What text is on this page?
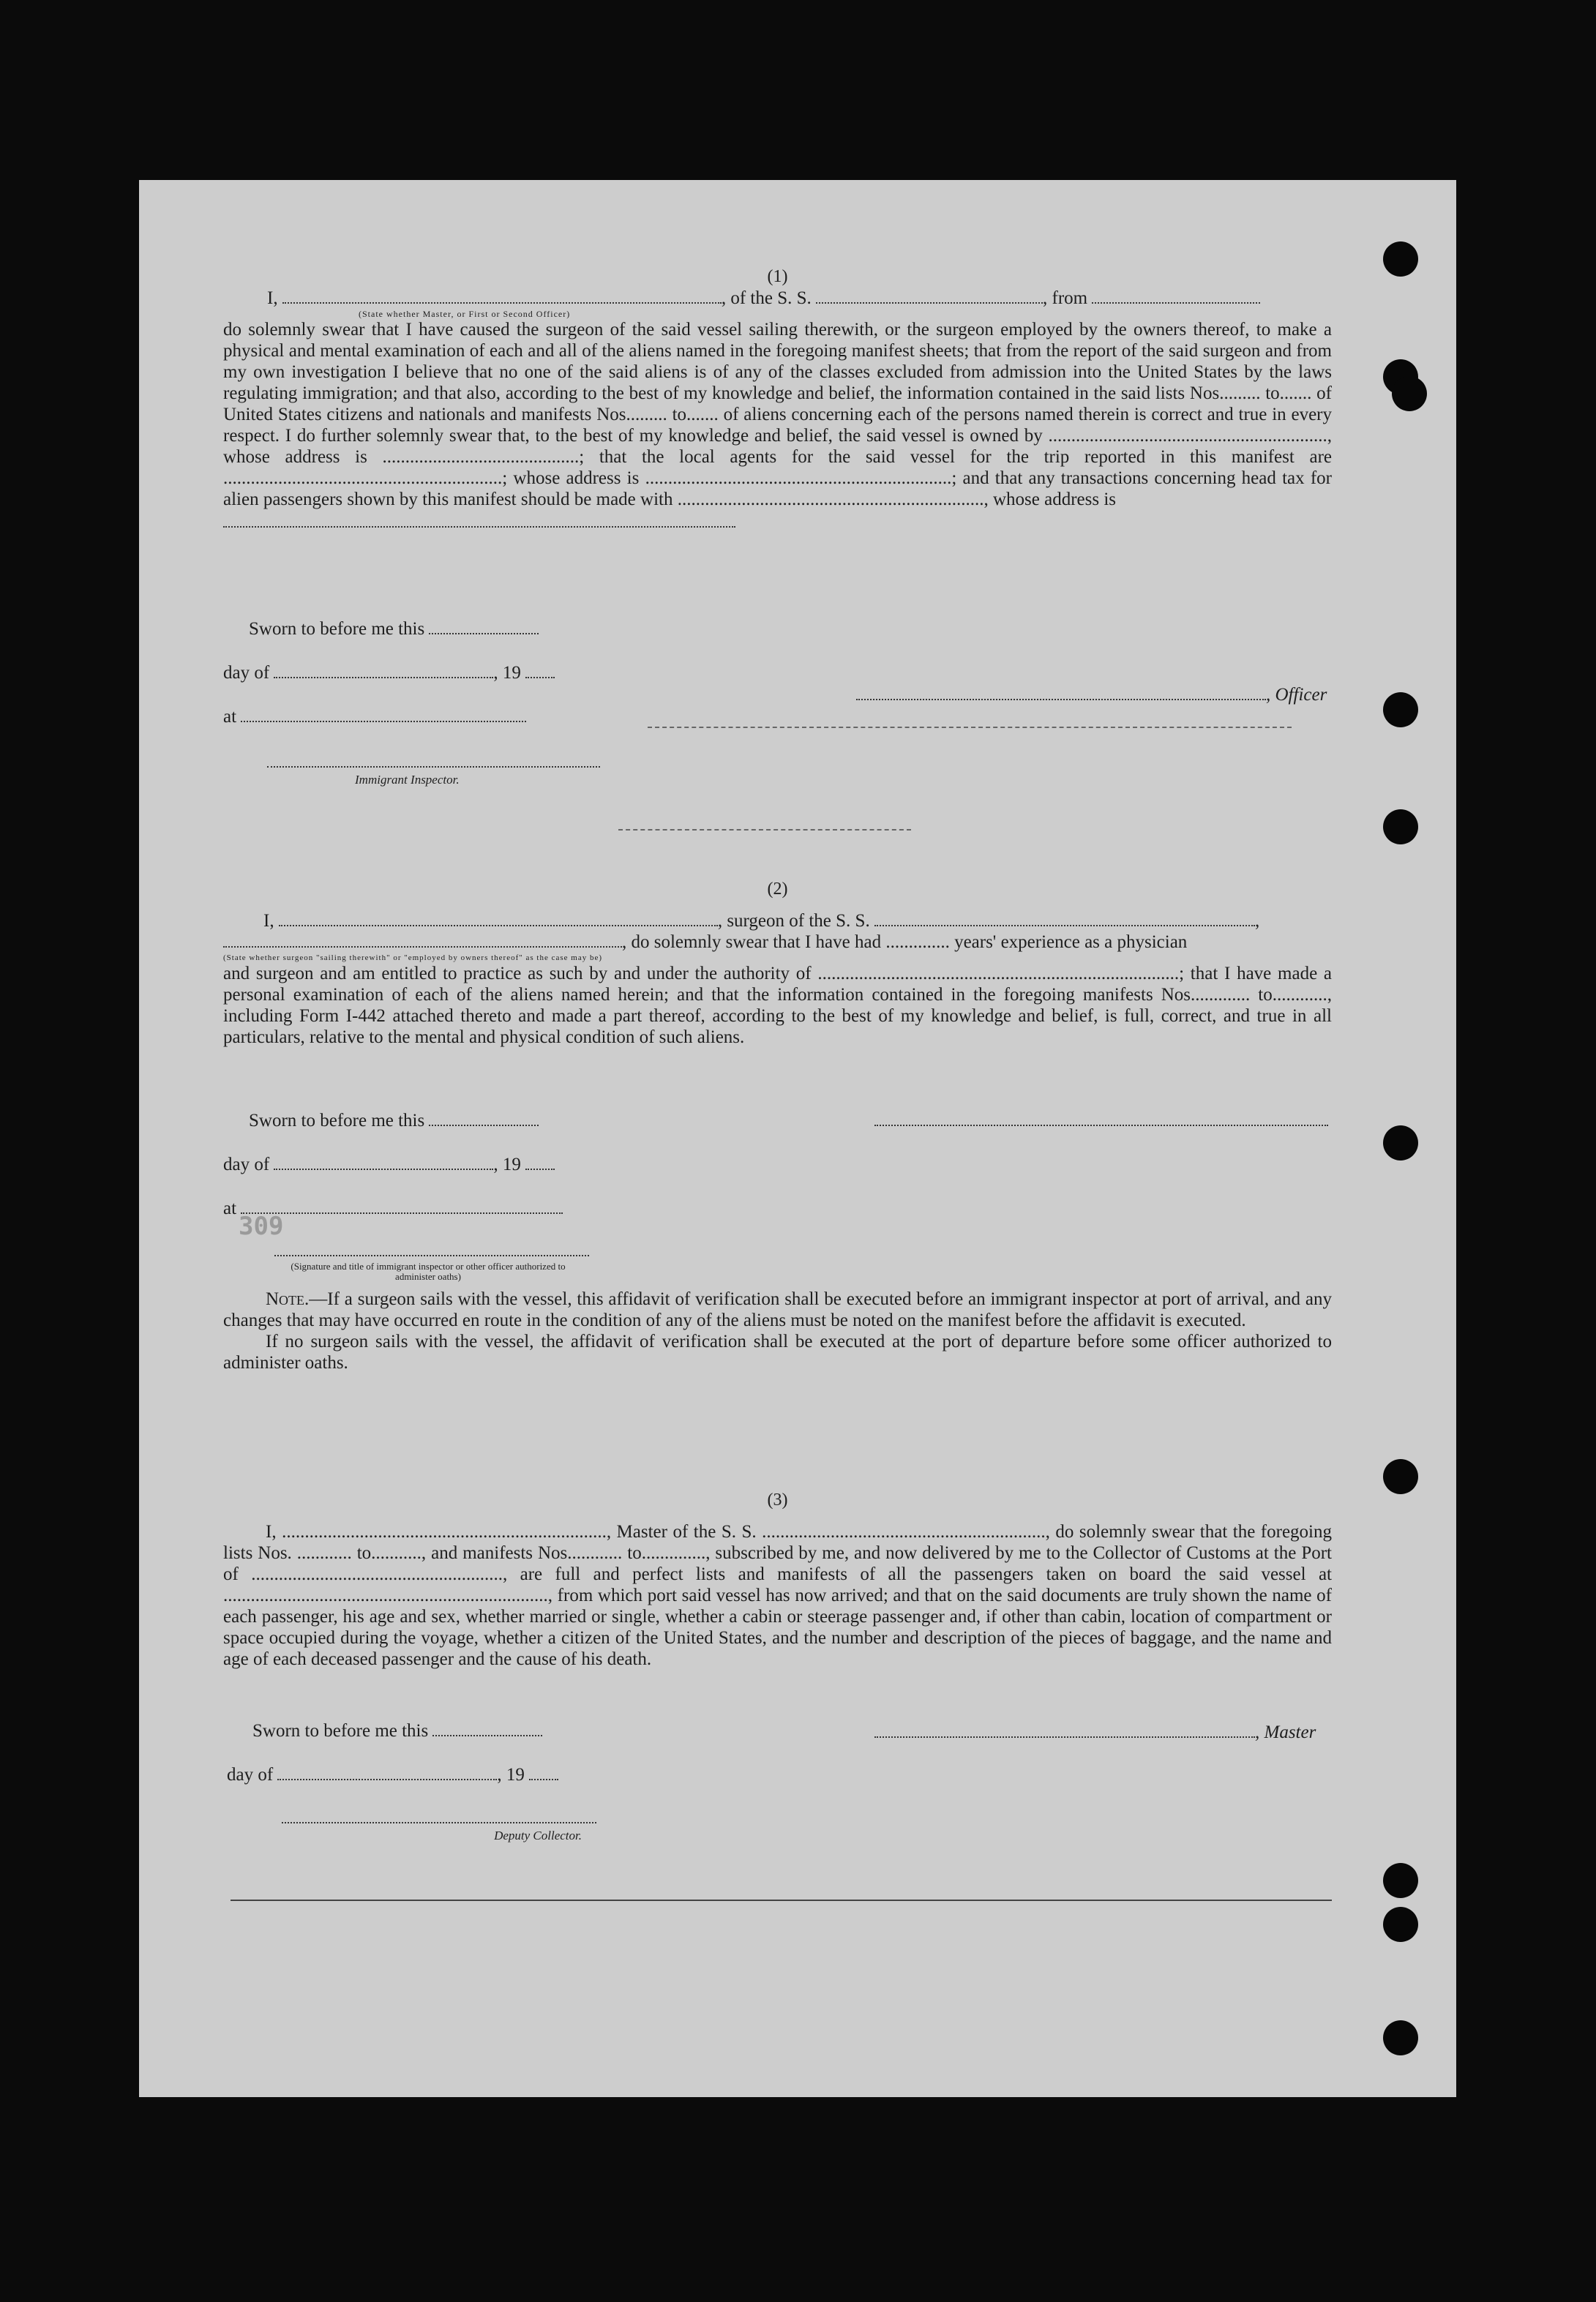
309
(1)
I,	, of the S. S.	, from
(State whether Master, or First or Second Officer)

do solemnly swear that I have caused the surgeon of the said vessel sailing therewith, or the surgeon employed by the owners thereof, to make a physical and mental examination of each and all of the aliens named in the foregoing manifest sheets; that from the report of the said surgeon and from my own investigation I believe that no one of the said aliens is of any of the classes excluded from admission into the United States by the laws regulating immigration; and that also, according to the best of my knowledge and belief, the information contained in the said lists Nos......... to....... of United States citizens and nationals and manifests Nos......... to....... of aliens concerning each of the persons named therein is correct and true in every respect. I do further solemnly swear that, to the best of my knowledge and belief, the said vessel is owned by ............................................................., whose address is ...........................................; that the local agents for the said vessel for the trip reported in this manifest are .............................................................; whose address is ...................................................................; and that any transactions concerning head tax for alien passengers shown by this manifest should be made with ..................................................................., whose address is

Sworn to before me this
day of	, 19
at
, Officer
Immigrant Inspector.
(2)
I,	, surgeon of the S. S.	,
, do solemnly swear that I have had .............. years' experience as a physician
(State whether surgeon "sailing therewith" or "employed by owners thereof" as the case may be)

and surgeon and am entitled to practice as such by and under the authority of ...............................................................................; that I have made a personal examination of each of the aliens named herein; and that the information contained in the foregoing manifests Nos............. to............, including Form I-442 attached thereto and made a part thereof, according to the best of my knowledge and belief, is full, correct, and true in all particulars, relative to the mental and physical condition of such aliens.

Sworn to before me this
day of	, 19
at
(Signature and title of immigrant inspector or other officer authorized to administer oaths)

Note.—If a surgeon sails with the vessel, this affidavit of verification shall be executed before an immigrant inspector at port of arrival, and any changes that may have occurred en route in the condition of any of the aliens must be noted on the manifest before the affidavit is executed.

If no surgeon sails with the vessel, the affidavit of verification shall be executed at the port of departure before some officer authorized to administer oaths.

(3)

I, ......................................................................., Master of the S. S. .............................................................., do solemnly swear that the foregoing lists Nos. ............ to..........., and manifests Nos............ to.............., subscribed by me, and now delivered by me to the Collector of Customs at the Port of ......................................................., are full and perfect lists and manifests of all the passengers taken on board the said vessel at ......................................................................., from which port said vessel has now arrived; and that on the said documents are truly shown the name of each passenger, his age and sex, whether married or single, whether a cabin or steerage passenger and, if other than cabin, location of compartment or space occupied during the voyage, whether a citizen of the United States, and the number and description of the pieces of baggage, and the name and age of each deceased passenger and the cause of his death.

Sworn to before me this	, Master
day of	, 19
Deputy Collector.
